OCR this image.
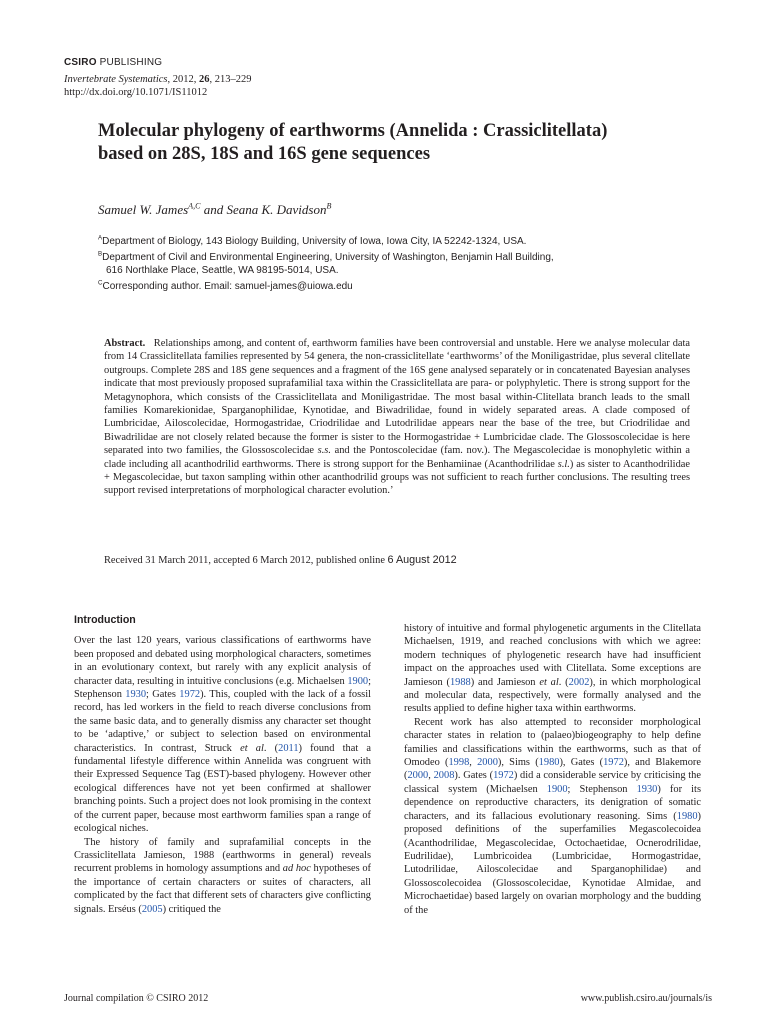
CSIRO PUBLISHING
Invertebrate Systematics, 2012, 26, 213–229
http://dx.doi.org/10.1071/IS11012
Molecular phylogeny of earthworms (Annelida : Crassiclitellata)
based on 28S, 18S and 16S gene sequences
Samuel W. James$^{A,C}$ and Seana K. Davidson$^B$

$^A$Department of Biology, 143 Biology Building, University of Iowa, Iowa City, IA 52242-1324, USA.

$^B$Department of Civil and Environmental Engineering, University of Washington, Benjamin Hall Building,

616 Northlake Place, Seattle, WA 98195-5014, USA.

$^C$Corresponding author. Email: samuel-james@uiowa.edu

Abstract. Relationships among, and content of, earthworm families have been controversial and unstable. Here we analyse molecular data from 14 Crassiclitellata families represented by 54 genera, the non-crassiclitellate ‘earthworms’ of the Moniligastridae, plus several clitellate outgroups. Complete 28S and 18S gene sequences and a fragment of the 16S gene analysed separately or in concatenated Bayesian analyses indicate that most previously proposed suprafamilial taxa within the Crassiclitellata are para- or polyphyletic. There is strong support for the Metagynophora, which consists of the Crassiclitellata and Moniligastridae. The most basal within-Clitellata branch leads to the small families Komarekionidae, Sparganophilidae, Kynotidae, and Biwadrilidae, found in widely separated areas. A clade composed of Lumbricidae, Ailoscolecidae, Hormogastridae, Criodrilidae and Lutodrilidae appears near the base of the tree, but Criodrilidae and Biwadrilidae are not closely related because the former is sister to the Hormogastridae + Lumbricidae clade. The Glossoscolecidae is here separated into two families, the Glossoscolecidae s.s. and the Pontoscolecidae (fam. nov.). The Megascolecidae is monophyletic within a clade including all acanthodrilid earthworms. There is strong support for the Benhamiinae (Acanthodrilidae s.l.) as sister to Acanthodrilidae + Megascolecidae, but taxon sampling within other acanthodrilid groups was not sufficient to reach further conclusions. The resulting trees support revised interpretations of morphological character evolution.’
Received 31 March 2011, accepted 6 March 2012, published online 6 August 2012
Introduction

Over the last 120 years, various classifications of earthworms have been proposed and debated using morphological characters, sometimes in an evolutionary context, but rarely with any explicit analysis of character data, resulting in intuitive conclusions (e.g. Michaelsen 1900; Stephenson 1930; Gates 1972). This, coupled with the lack of a fossil record, has led workers in the field to reach diverse conclusions from the same basic data, and to generally dismiss any character set thought to be ‘adaptive,’ or subject to selection based on environmental characteristics. In contrast, Struck et al. (2011) found that a fundamental lifestyle difference within Annelida was congruent with their Expressed Sequence Tag (EST)-based phylogeny. However other ecological differences have not yet been confirmed at shallower branching points. Such a project does not look promising in the context of the current paper, because most earthworm families span a range of ecological niches.

The history of family and suprafamilial concepts in the Crassiclitellata Jamieson, 1988 (earthworms in general) reveals recurrent problems in homology assumptions and ad hoc hypotheses of the importance of certain characters or suites of characters, all complicated by the fact that different sets of characters give conflicting signals. Erséus (2005) critiqued the

history of intuitive and formal phylogenetic arguments in the Clitellata Michaelsen, 1919, and reached conclusions with which we agree: modern techniques of phylogenetic research have had insufficient impact on the approaches used with Clitellata. Some exceptions are Jamieson (1988) and Jamieson et al. (2002), in which morphological and molecular data, respectively, were formally analysed and the results applied to define higher taxa within earthworms.

Recent work has also attempted to reconsider morphological character states in relation to (palaeo)biogeography to help define families and classifications within the earthworms, such as that of Omodeo (1998, 2000), Sims (1980), Gates (1972), and Blakemore (2000, 2008). Gates (1972) did a considerable service by criticising the classical system (Michaelsen 1900; Stephenson 1930) for its dependence on reproductive characters, its denigration of somatic characters, and its fallacious evolutionary reasoning. Sims (1980) proposed definitions of the superfamilies Megascolecoidea (Acanthodrilidae, Megascolecidae, Octochaetidae, Ocnerodrilidae, Eudrilidae), Lumbricoidea (Lumbricidae, Hormogastridae, Lutodrilidae, Ailoscolecidae and Sparganophilidae) and Glossoscolecoidea (Glossoscolecidae, Kynotidae Almidae, and Microchaetidae) based largely on ovarian morphology and the budding of the

Journal compilation © CSIRO 2012	www.publish.csiro.au/journals/is
